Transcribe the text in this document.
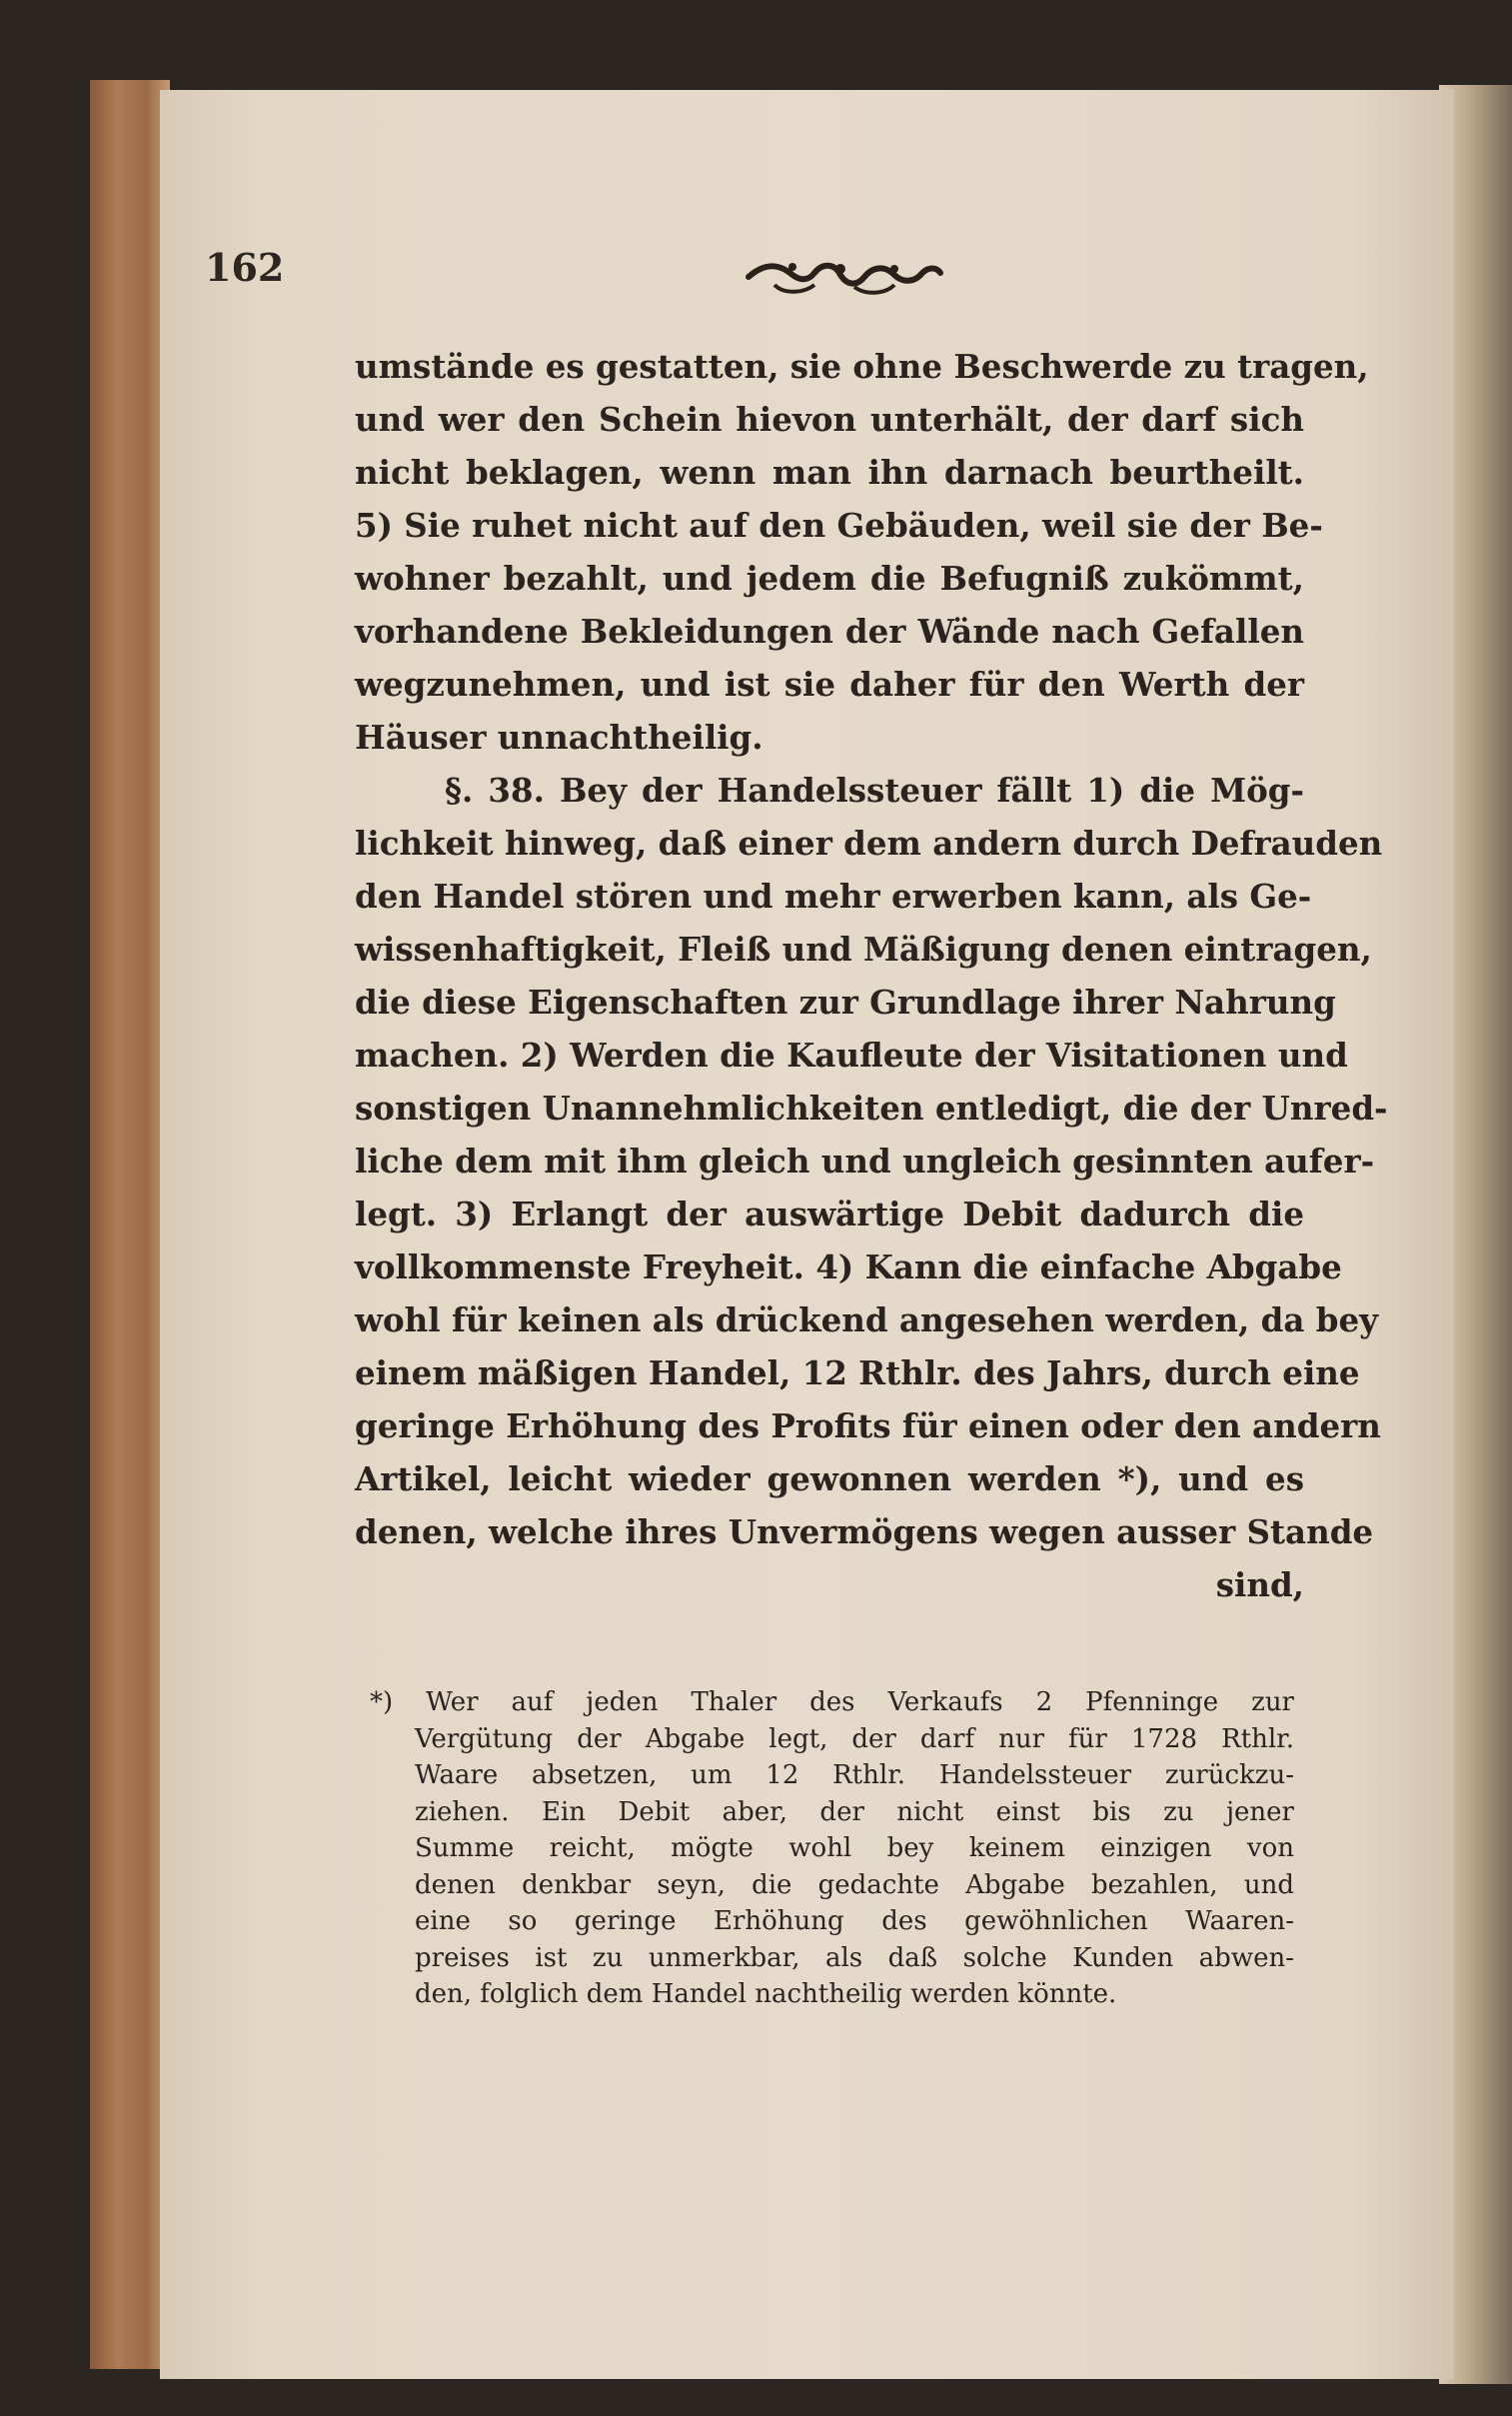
162
umstände es gestatten, sie ohne Beschwerde zu tragen,
und wer den Schein hievon unterhält, der darf sich
nicht beklagen, wenn man ihn darnach beurtheilt.
5) Sie ruhet nicht auf den Gebäuden, weil sie der Be-
wohner bezahlt, und jedem die Befugniß zukömmt,
vorhandene Bekleidungen der Wände nach Gefallen
wegzunehmen, und ist sie daher für den Werth der
Häuser unnachtheilig.
§. 38. Bey der Handelssteuer fällt 1) die Mög-
lichkeit hinweg, daß einer dem andern durch Defrauden
den Handel stören und mehr erwerben kann, als Ge-
wissenhaftigkeit, Fleiß und Mäßigung denen eintragen,
die diese Eigenschaften zur Grundlage ihrer Nahrung
machen. 2) Werden die Kaufleute der Visitationen und
sonstigen Unannehmlichkeiten entledigt, die der Unred-
liche dem mit ihm gleich und ungleich gesinnten aufer-
legt. 3) Erlangt der auswärtige Debit dadurch die
vollkommenste Freyheit. 4) Kann die einfache Abgabe
wohl für keinen als drückend angesehen werden, da bey
einem mäßigen Handel, 12 Rthlr. des Jahrs, durch eine
geringe Erhöhung des Profits für einen oder den andern
Artikel, leicht wieder gewonnen werden *), und es
denen, welche ihres Unvermögens wegen ausser Stande
sind,
*) Wer auf jeden Thaler des Verkaufs 2 Pfenninge zur
Vergütung der Abgabe legt, der darf nur für 1728 Rthlr.
Waare absetzen, um 12 Rthlr. Handelssteuer zurückzu-
ziehen. Ein Debit aber, der nicht einst bis zu jener
Summe reicht, mögte wohl bey keinem einzigen von
denen denkbar seyn, die gedachte Abgabe bezahlen, und
eine so geringe Erhöhung des gewöhnlichen Waaren-
preises ist zu unmerkbar, als daß solche Kunden abwen-
den, folglich dem Handel nachtheilig werden könnte.
